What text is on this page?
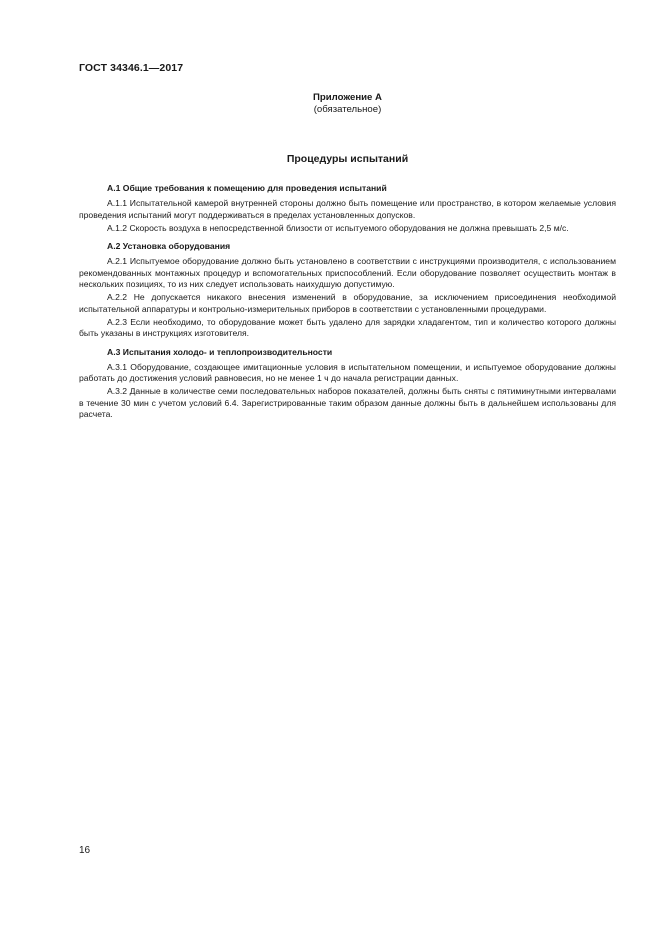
ГОСТ 34346.1—2017
Приложение А
(обязательное)
Процедуры испытаний
А.1 Общие требования к помещению для проведения испытаний

А.1.1 Испытательной камерой внутренней стороны должно быть помещение или пространство, в котором желаемые условия проведения испытаний могут поддерживаться в пределах установленных допусков.

А.1.2 Скорость воздуха в непосредственной близости от испытуемого оборудования не должна превышать 2,5 м/с.

А.2 Установка оборудования

А.2.1 Испытуемое оборудование должно быть установлено в соответствии с инструкциями производителя, с использованием рекомендованных монтажных процедур и вспомогательных приспособлений. Если оборудование позволяет осуществить монтаж в нескольких позициях, то из них следует использовать наихудшую допустимую.

А.2.2 Не допускается никакого внесения изменений в оборудование, за исключением присоединения необходимой испытательной аппаратуры и контрольно-измерительных приборов в соответствии с установленными процедурами.

А.2.3 Если необходимо, то оборудование может быть удалено для зарядки хладагентом, тип и количество которого должны быть указаны в инструкциях изготовителя.

А.3 Испытания холодо- и теплопроизводительности

А.3.1 Оборудование, создающее имитационные условия в испытательном помещении, и испытуемое оборудование должны работать до достижения условий равновесия, но не менее 1 ч до начала регистрации данных.

А.3.2 Данные в количестве семи последовательных наборов показателей, должны быть сняты с пятиминутными интервалами в течение 30 мин с учетом условий 6.4. Зарегистрированные таким образом данные должны быть в дальнейшем использованы для расчета.

16
